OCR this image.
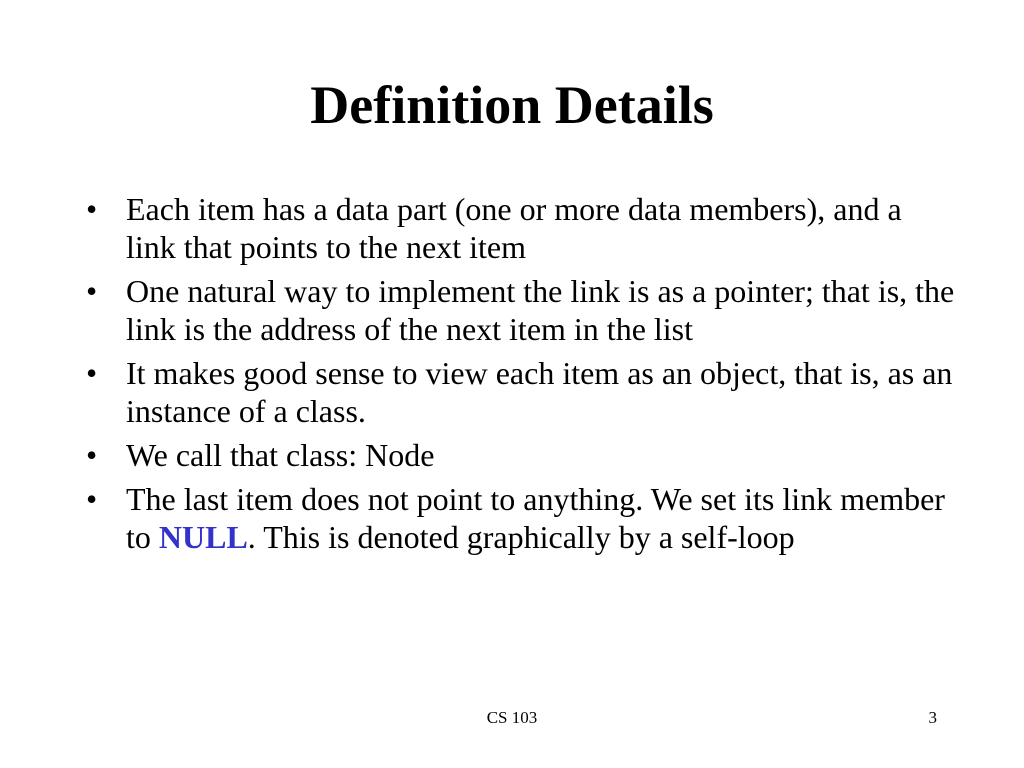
Definition Details
• Each item has a data part (one or more data members), and a link that points to the next item
• One natural way to implement the link is as a pointer; that is, the link is the address of the next item in the list
• It makes good sense to view each item as an object, that is, as an instance of a class.
• We call that class: Node
• The last item does not point to anything. We set its link member to NULL. This is denoted graphically by a self-loop
CS 103	3
